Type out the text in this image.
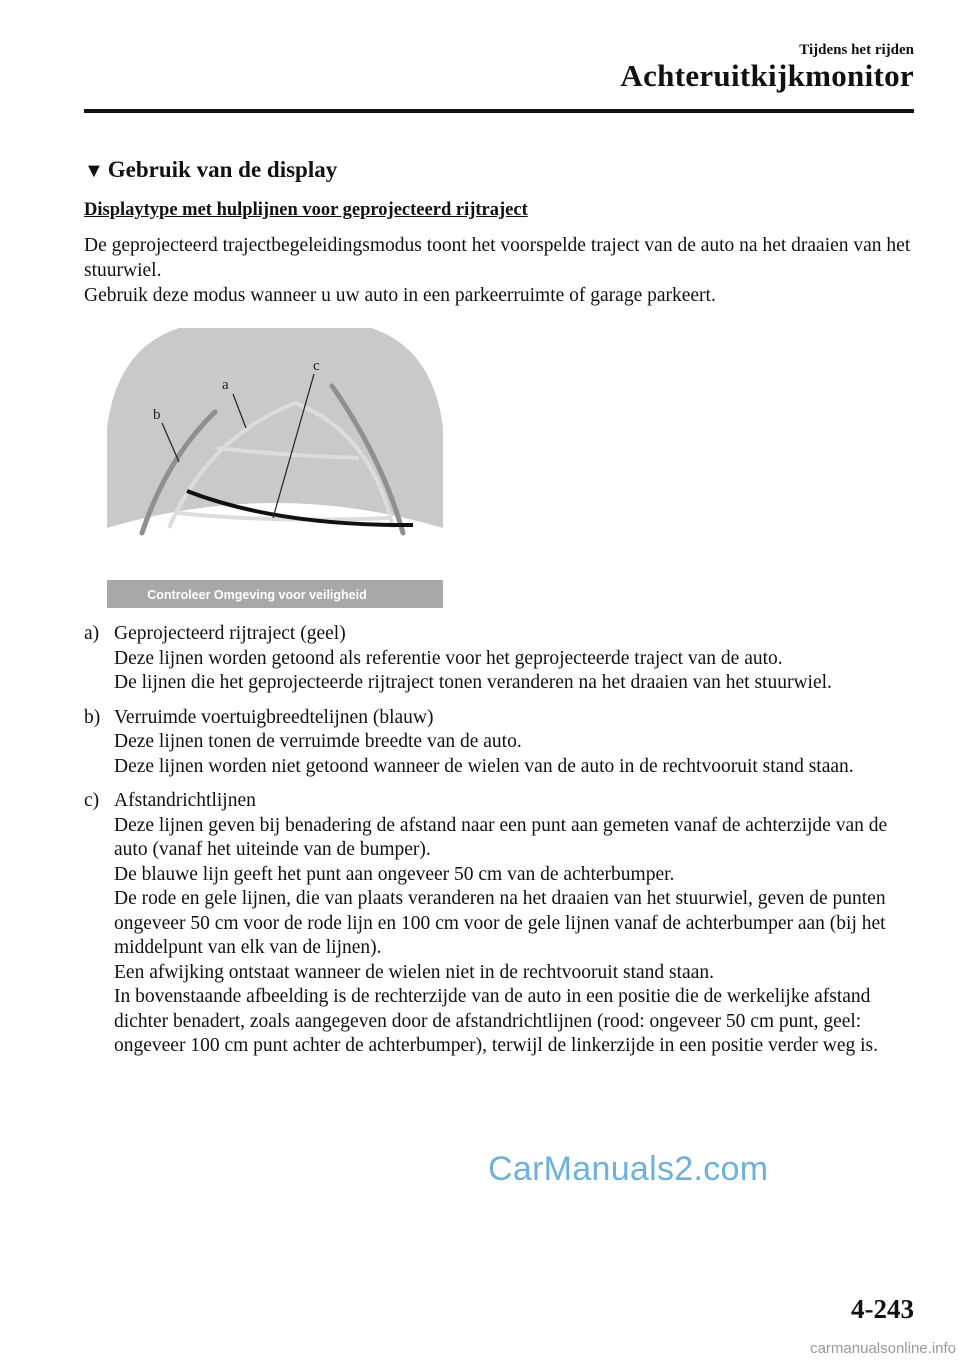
Tijdens het rijden
Achteruitkijkmonitor
▼ Gebruik van de display
Displaytype met hulplijnen voor geprojecteerd rijtraject

De geprojecteerd trajectbegeleidingsmodus toont het voorspelde traject van de auto na het draaien van het stuurwiel.

Gebruik deze modus wanneer u uw auto in een parkeerruimte of garage parkeert.

a
b
c
Controleer Omgeving voor veiligheid
a) Geprojecteerd rijtraject (geel)

Deze lijnen worden getoond als referentie voor het geprojecteerde traject van de auto.

De lijnen die het geprojecteerde rijtraject tonen veranderen na het draaien van het stuurwiel.

b) Verruimde voertuigbreedtelijnen (blauw)

Deze lijnen tonen de verruimde breedte van de auto.

Deze lijnen worden niet getoond wanneer de wielen van de auto in de rechtvooruit stand staan.

c) Afstandrichtlijnen

Deze lijnen geven bij benadering de afstand naar een punt aan gemeten vanaf de achterzijde van de auto (vanaf het uiteinde van de bumper).

De blauwe lijn geeft het punt aan ongeveer 50 cm van de achterbumper.

De rode en gele lijnen, die van plaats veranderen na het draaien van het stuurwiel, geven de punten ongeveer 50 cm voor de rode lijn en 100 cm voor de gele lijnen vanaf de achterbumper aan (bij het middelpunt van elk van de lijnen).

Een afwijking ontstaat wanneer de wielen niet in de rechtvooruit stand staan.

In bovenstaande afbeelding is de rechterzijde van de auto in een positie die de werkelijke afstand dichter benadert, zoals aangegeven door de afstandrichtlijnen (rood: ongeveer 50 cm punt, geel: ongeveer 100 cm punt achter de achterbumper), terwijl de linkerzijde in een positie verder weg is.

CarManuals2.com
4-243
carmanualsonline.info
